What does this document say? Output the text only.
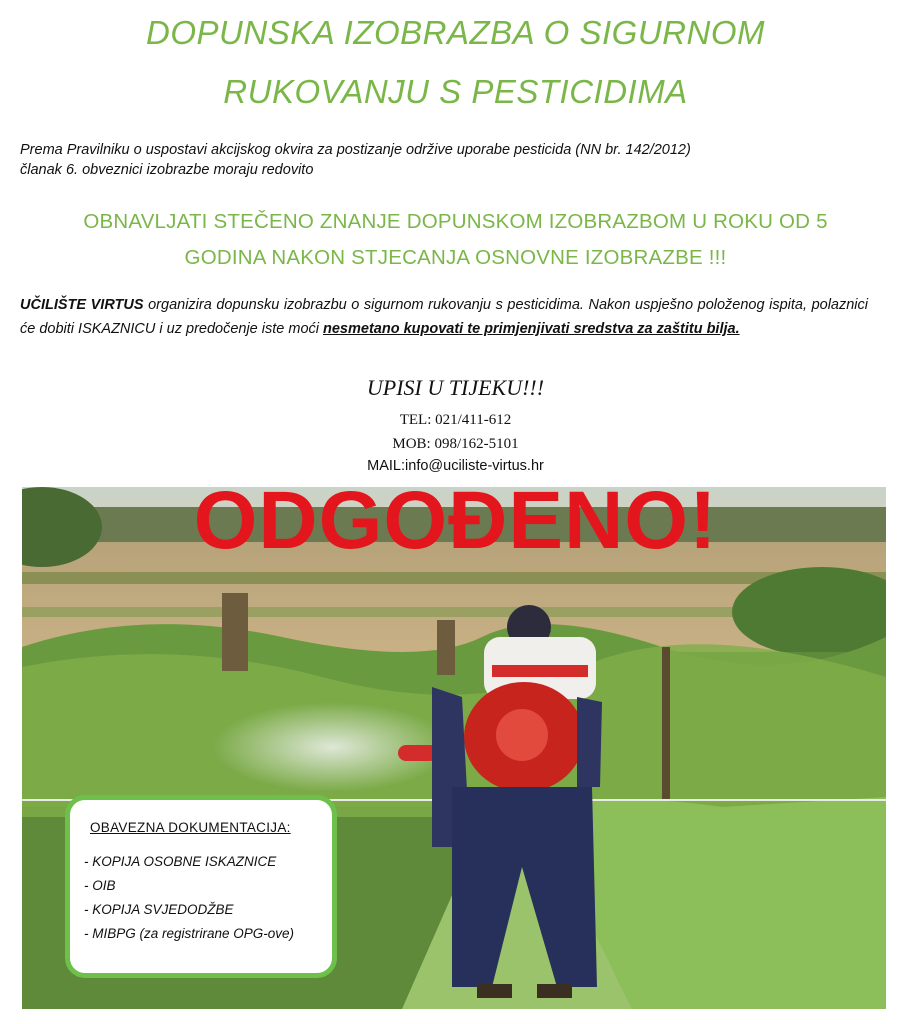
DOPUNSKA IZOBRAZBA O SIGURNOM
RUKOVANJU S PESTICIDIMA
Prema Pravilniku o uspostavi akcijskog okvira za postizanje održive uporabe pesticida (NN br. 142/2012)
članak 6. obveznici izobrazbe moraju redovito
OBNAVLJATI STEČENO ZNANJE DOPUNSKOM IZOBRAZBOM U ROKU OD 5
GODINA NAKON STJECANJA OSNOVNE IZOBRAZBE !!!
UČILIŠTE VIRTUS organizira dopunsku izobrazbu o sigurnom rukovanju s pesticidima. Nakon uspješno položenog ispita, polaznici će dobiti ISKAZNICU i uz predočenje iste moći nesmetano kupovati te primjenjivati sredstva za zaštitu bilja.
UPISI U TIJEKU!!!
TEL: 021/411-612
MOB: 098/162-5101
MAIL:info@uciliste-virtus.hr
ODGOĐENO!
OBAVEZNA DOKUMENTACIJA:
- KOPIJA OSOBNE ISKAZNICE
- OIB
- KOPIJA SVJEDODŽBE
- MIBPG (za registrirane OPG-ove)
